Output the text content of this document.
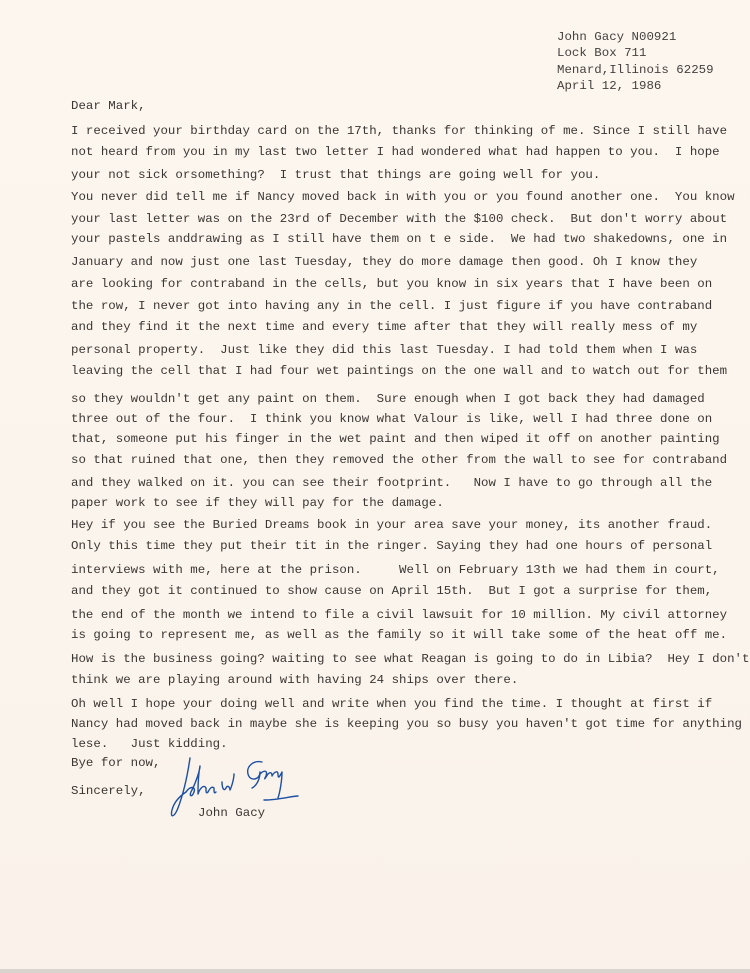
John Gacy N00921
Lock Box 711
Menard,Illinois 62259
April 12, 1986
Dear Mark,
I received your birthday card on the 17th, thanks for thinking of me. Since I still have
not heard from you in my last two letter I had wondered what had happen to you.  I hope
your not sick orsomething?  I trust that things are going well for you.
You never did tell me if Nancy moved back in with you or you found another one.  You know
your last letter was on the 23rd of December with the $100 check.  But don't worry about
your pastels anddrawing as I still have them on t e side.  We had two shakedowns, one in
January and now just one last Tuesday, they do more damage then good. Oh I know they
are looking for contraband in the cells, but you know in six years that I have been on
the row, I never got into having any in the cell. I just figure if you have contraband
and they find it the next time and every time after that they will really mess of my
personal property.  Just like they did this last Tuesday. I had told them when I was
leaving the cell that I had four wet paintings on the one wall and to watch out for them
so they wouldn't get any paint on them.  Sure enough when I got back they had damaged
three out of the four.  I think you know what Valour is like, well I had three done on
that, someone put his finger in the wet paint and then wiped it off on another painting
so that ruined that one, then they removed the other from the wall to see for contraband
and they walked on it. you can see their footprint.   Now I have to go through all the
paper work to see if they will pay for the damage.
Hey if you see the Buried Dreams book in your area save your money, its another fraud.
Only this time they put their tit in the ringer. Saying they had one hours of personal
interviews with me, here at the prison.     Well on February 13th we had them in court,
and they got it continued to show cause on April 15th.  But I got a surprise for them,
the end of the month we intend to file a civil lawsuit for 10 million. My civil attorney
is going to represent me, as well as the family so it will take some of the heat off me.
How is the business going? waiting to see what Reagan is going to do in Libia?  Hey I don't
think we are playing around with having 24 ships over there.
Oh well I hope your doing well and write when you find the time. I thought at first if
Nancy had moved back in maybe she is keeping you so busy you haven't got time for anything
lese.   Just kidding.
Bye for now,
Sincerely,
John Gacy
